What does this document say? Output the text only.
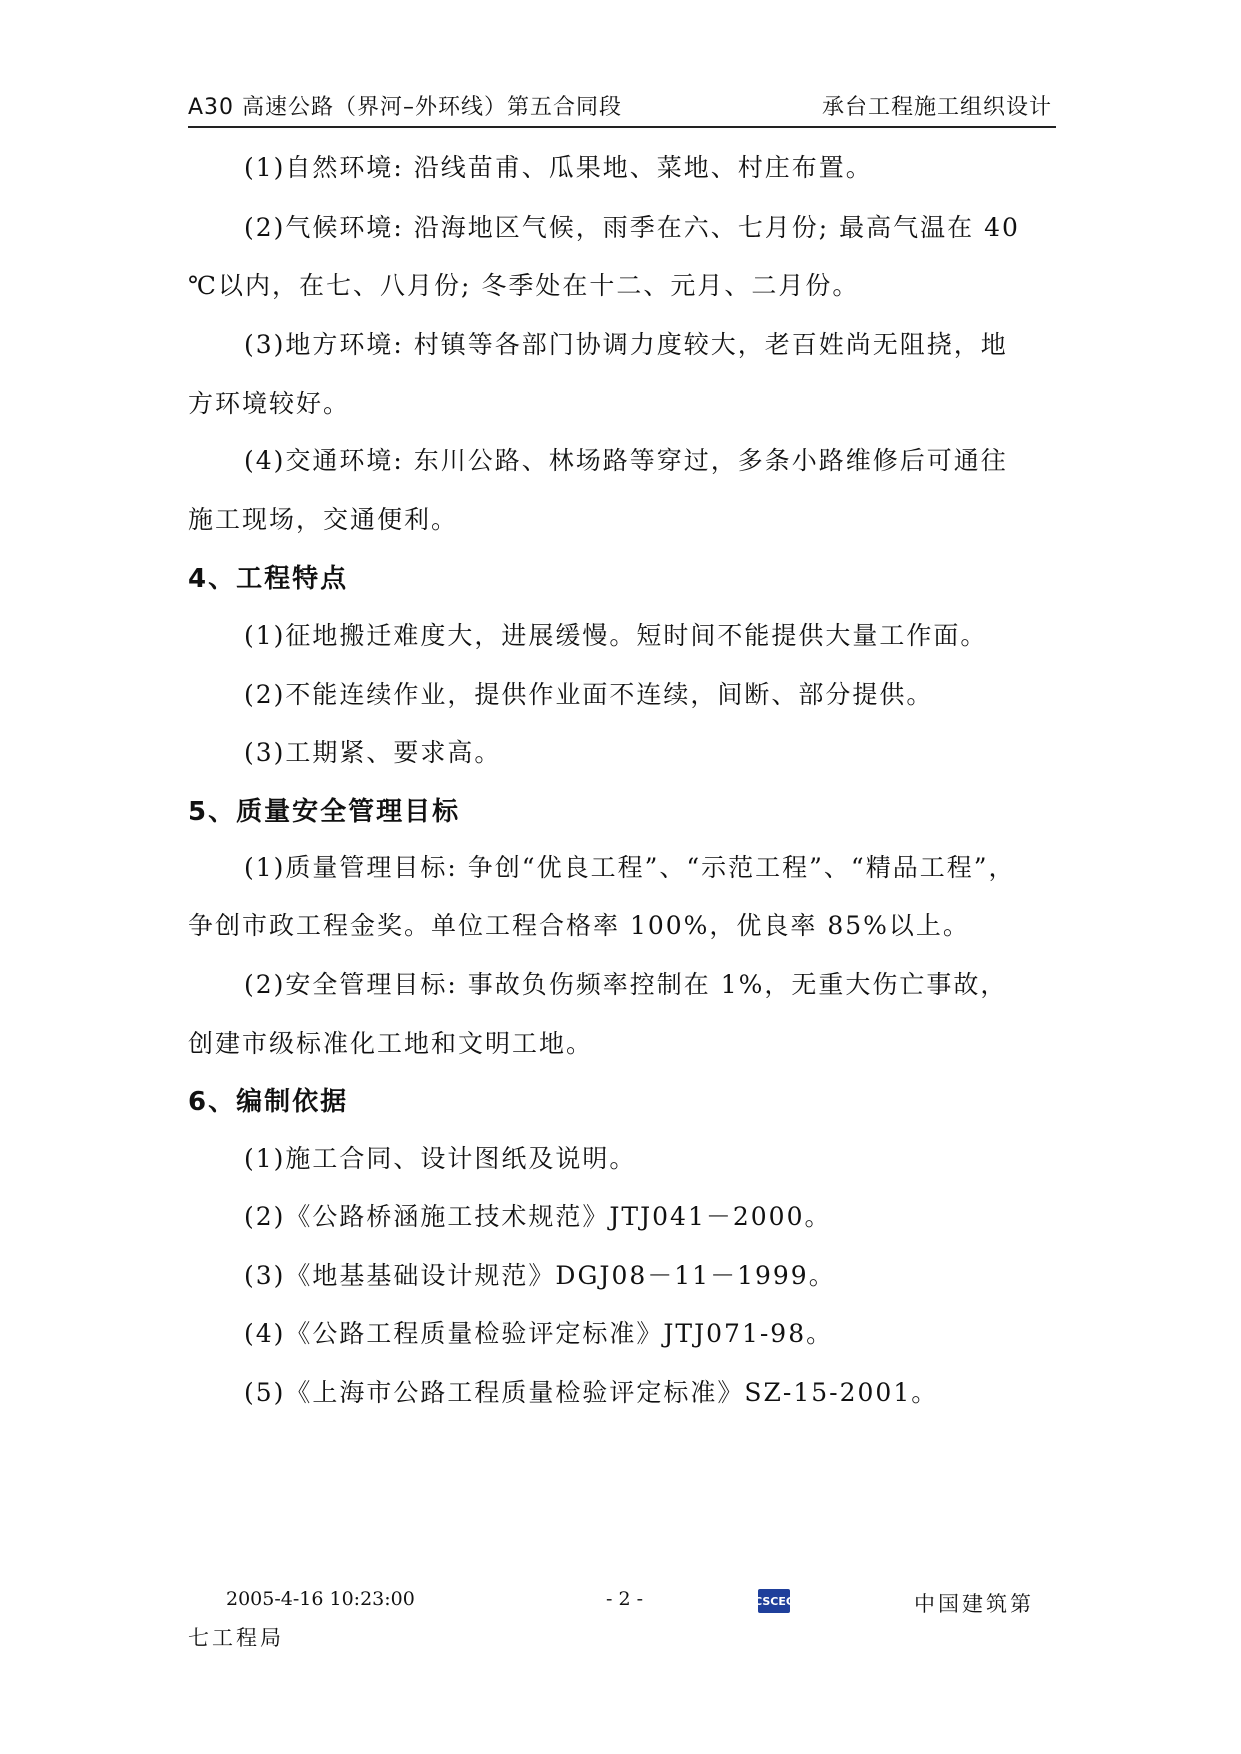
A30 高速公路（界河–外环线）第五合同段	承台工程施工组织设计
(1)自然环境: 沿线苗甫、瓜果地、菜地、村庄布置。
(2)气候环境: 沿海地区气候，雨季在六、七月份; 最高气温在 40
℃以内，在七、八月份; 冬季处在十二、元月、二月份。
(3)地方环境: 村镇等各部门协调力度较大，老百姓尚无阻挠，地
方环境较好。
(4)交通环境: 东川公路、林场路等穿过，多条小路维修后可通往
施工现场，交通便利。
4、工程特点
(1)征地搬迁难度大，进展缓慢。短时间不能提供大量工作面。
(2)不能连续作业，提供作业面不连续，间断、部分提供。
(3)工期紧、要求高。
5、质量安全管理目标
(1)质量管理目标: 争创“优良工程”、“示范工程”、“精品工程”，
争创市政工程金奖。单位工程合格率 100%，优良率 85%以上。
(2)安全管理目标: 事故负伤频率控制在 1%，无重大伤亡事故，
创建市级标准化工地和文明工地。
6、编制依据
(1)施工合同、设计图纸及说明。
(2)《公路桥涵施工技术规范》JTJ041－2000。
(3)《地基基础设计规范》DGJ08－11－1999。
(4)《公路工程质量检验评定标准》JTJ071-98。
(5)《上海市公路工程质量检验评定标准》SZ-15-2001。
2005-4-16 10:23:00	- 2 -	CSCEC	中国建筑第
七工程局
